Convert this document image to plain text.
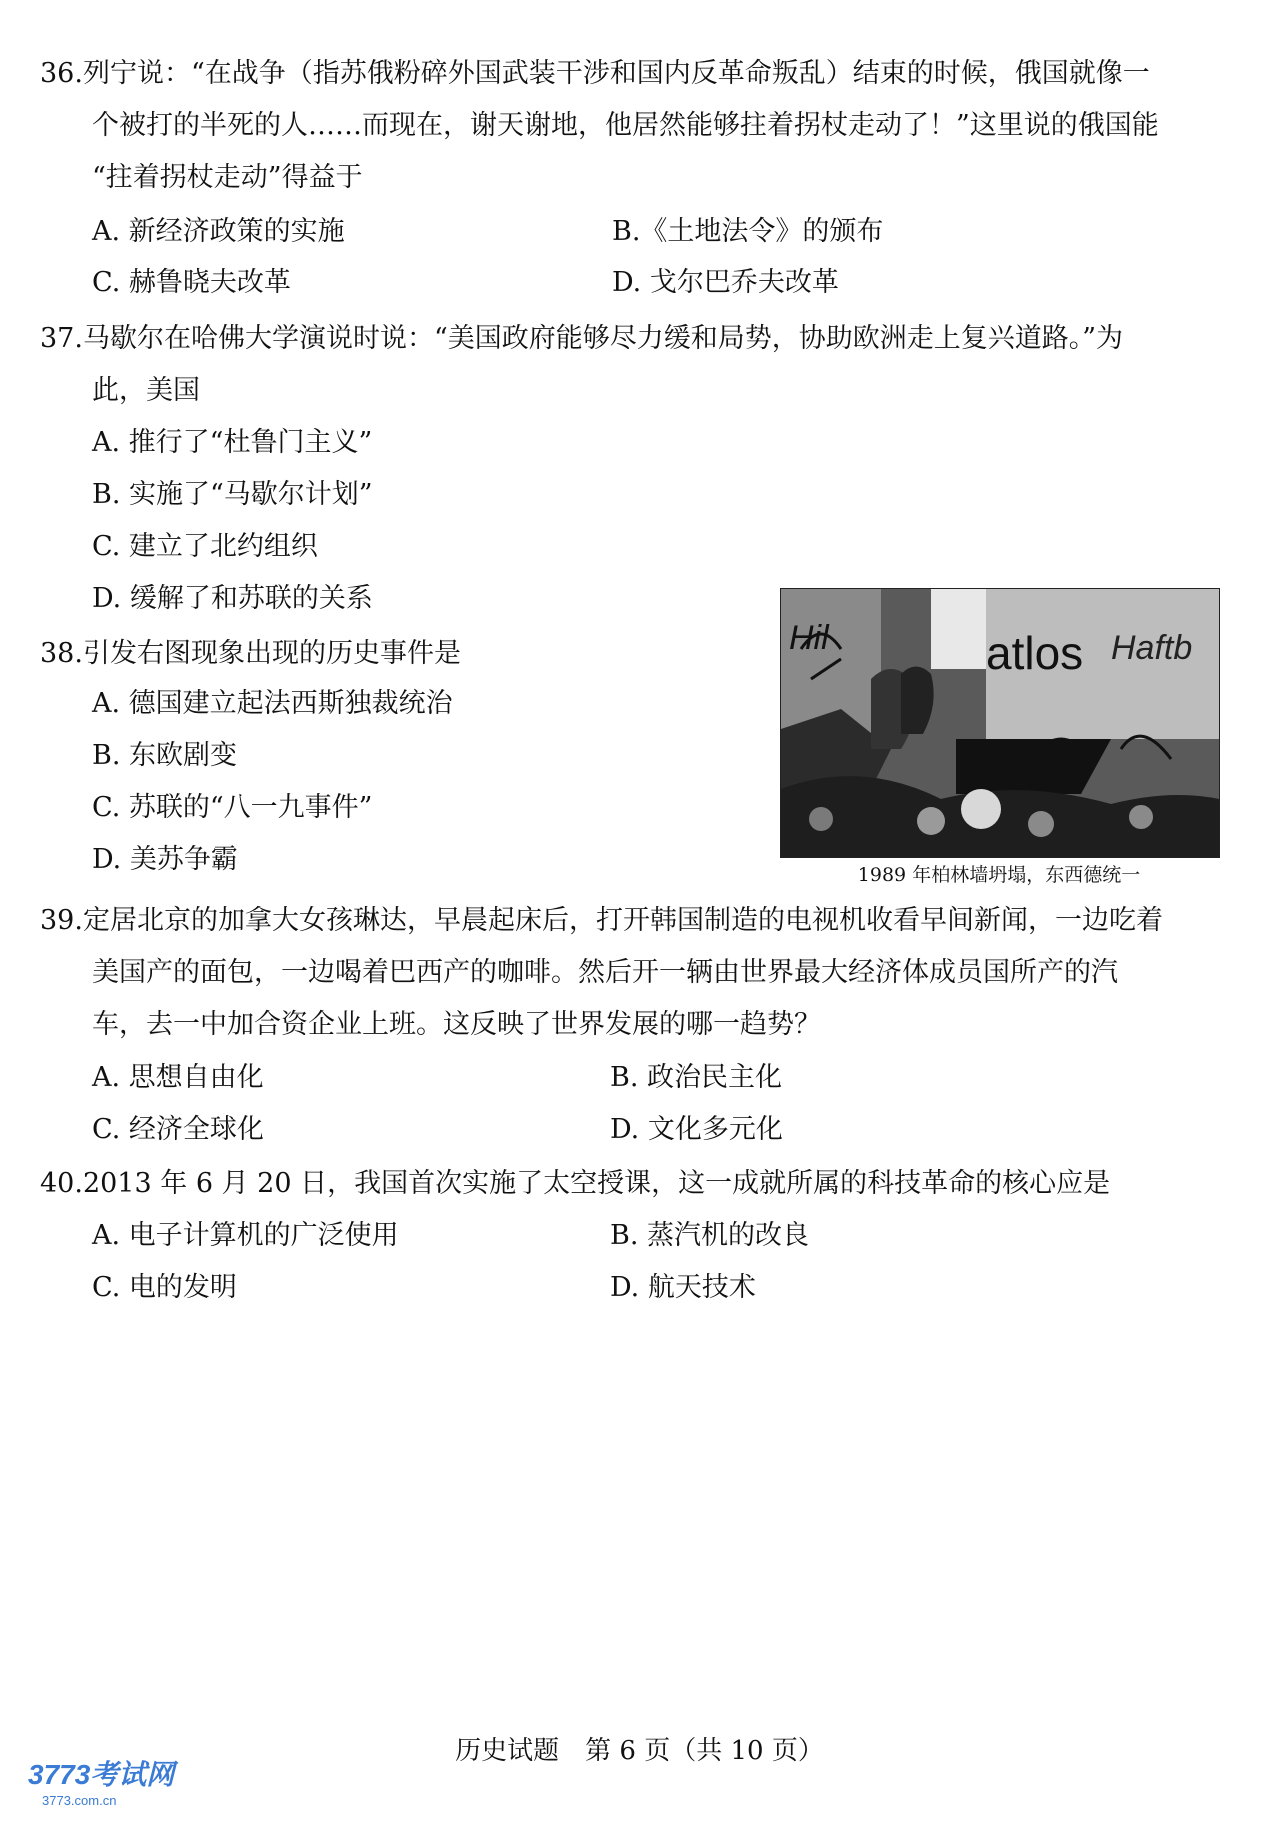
36.列宁说：“在战争（指苏俄粉碎外国武装干涉和国内反革命叛乱）结束的时候，俄国就像一
个被打的半死的人……而现在，谢天谢地，他居然能够拄着拐杖走动了！”这里说的俄国能
“拄着拐杖走动”得益于
A. 新经济政策的实施	B.《土地法令》的颁布
C. 赫鲁晓夫改革	D. 戈尔巴乔夫改革
37.马歇尔在哈佛大学演说时说：“美国政府能够尽力缓和局势，协助欧洲走上复兴道路。”为
此，美国
A. 推行了“杜鲁门主义”
B. 实施了“马歇尔计划”
C. 建立了北约组织
D. 缓解了和苏联的关系
38.引发右图现象出现的历史事件是
A. 德国建立起法西斯独裁统治
B. 东欧剧变
C. 苏联的“八一九事件”
D. 美苏争霸
Hil	atlos Haftb
1989 年柏林墙坍塌，东西德统一
39.定居北京的加拿大女孩琳达，早晨起床后，打开韩国制造的电视机收看早间新闻，一边吃着
美国产的面包，一边喝着巴西产的咖啡。然后开一辆由世界最大经济体成员国所产的汽
车，去一中加合资企业上班。这反映了世界发展的哪一趋势？
A. 思想自由化	B. 政治民主化
C. 经济全球化	D. 文化多元化
40.2013 年 6 月 20 日，我国首次实施了太空授课，这一成就所属的科技革命的核心应是
A. 电子计算机的广泛使用	B. 蒸汽机的改良
C. 电的发明	D. 航天技术
历史试题　第 6 页（共 10 页）
3773考试网
3773.com.cn
